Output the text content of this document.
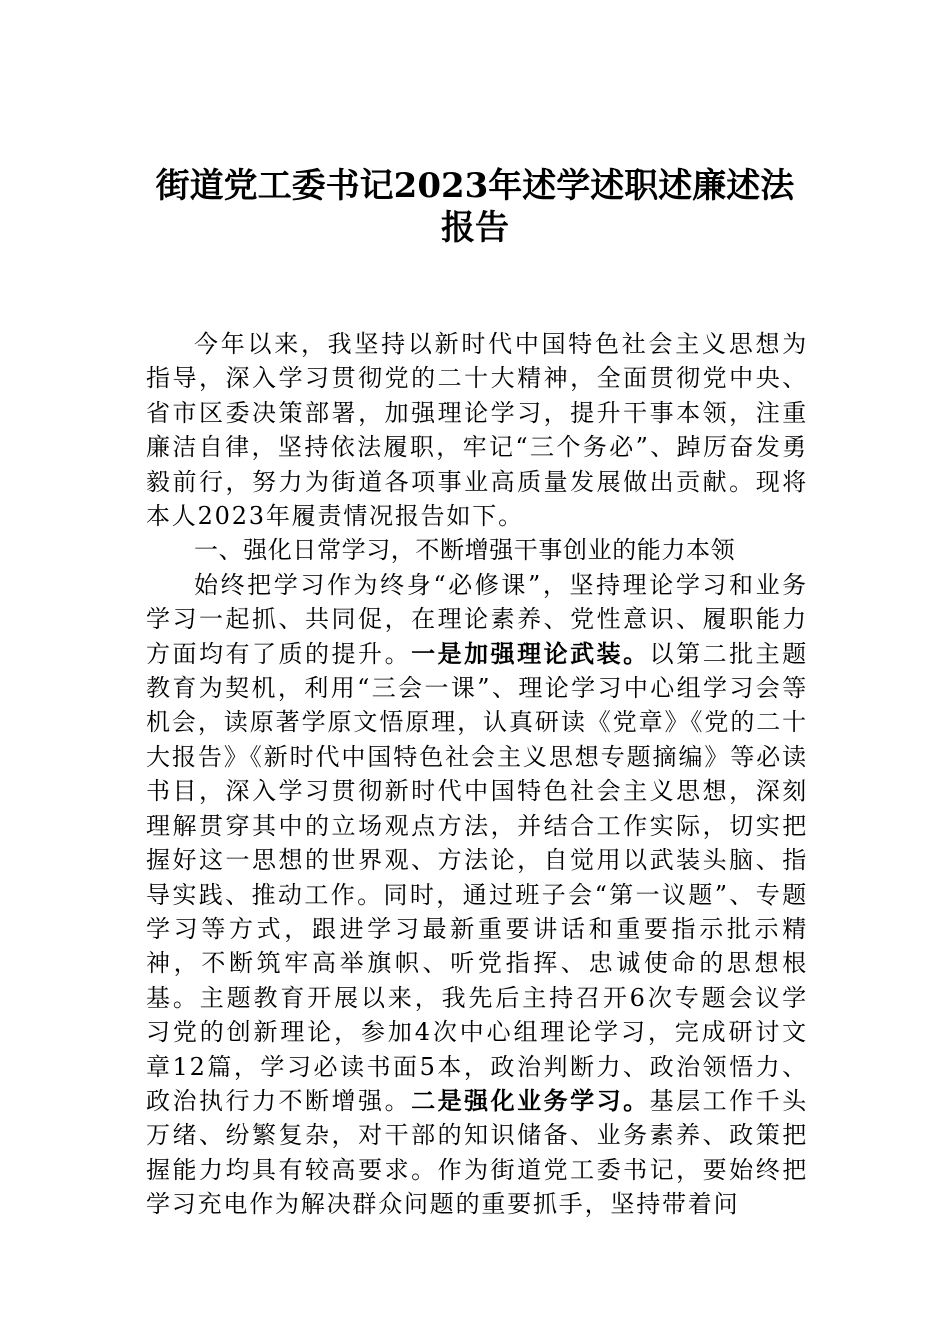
街道党工委书记2023年述学述职述廉述法
报告

今年以来，我坚持以新时代中国特色社会主义思想为指导，深入学习贯彻党的二十大精神，全面贯彻党中央、省市区委决策部署，加强理论学习，提升干事本领，注重廉洁自律，坚持依法履职，牢记“三个务必”、踔厉奋发勇毅前行，努力为街道各项事业高质量发展做出贡献。现将本人2023年履责情况报告如下。

一、强化日常学习，不断增强干事创业的能力本领

始终把学习作为终身“必修课”，坚持理论学习和业务学习一起抓、共同促，在理论素养、党性意识、履职能力方面均有了质的提升。一是加强理论武装。以第二批主题教育为契机，利用“三会一课”、理论学习中心组学习会等机会，读原著学原文悟原理，认真研读《党章》《党的二十大报告》《新时代中国特色社会主义思想专题摘编》等必读书目，深入学习贯彻新时代中国特色社会主义思想，深刻理解贯穿其中的立场观点方法，并结合工作实际，切实把握好这一思想的世界观、方法论，自觉用以武装头脑、指导实践、推动工作。同时，通过班子会“第一议题”、专题学习等方式，跟进学习最新重要讲话和重要指示批示精神，不断筑牢高举旗帜、听党指挥、忠诚使命的思想根基。主题教育开展以来，我先后主持召开6次专题会议学习党的创新理论，参加4次中心组理论学习，完成研讨文章12篇，学习必读书面5本，政治判断力、政治领悟力、政治执行力不断增强。二是强化业务学习。基层工作千头万绪、纷繁复杂，对干部的知识储备、业务素养、政策把握能力均具有较高要求。作为街道党工委书记，要始终把学习充电作为解决群众问题的重要抓手，坚持带着问
